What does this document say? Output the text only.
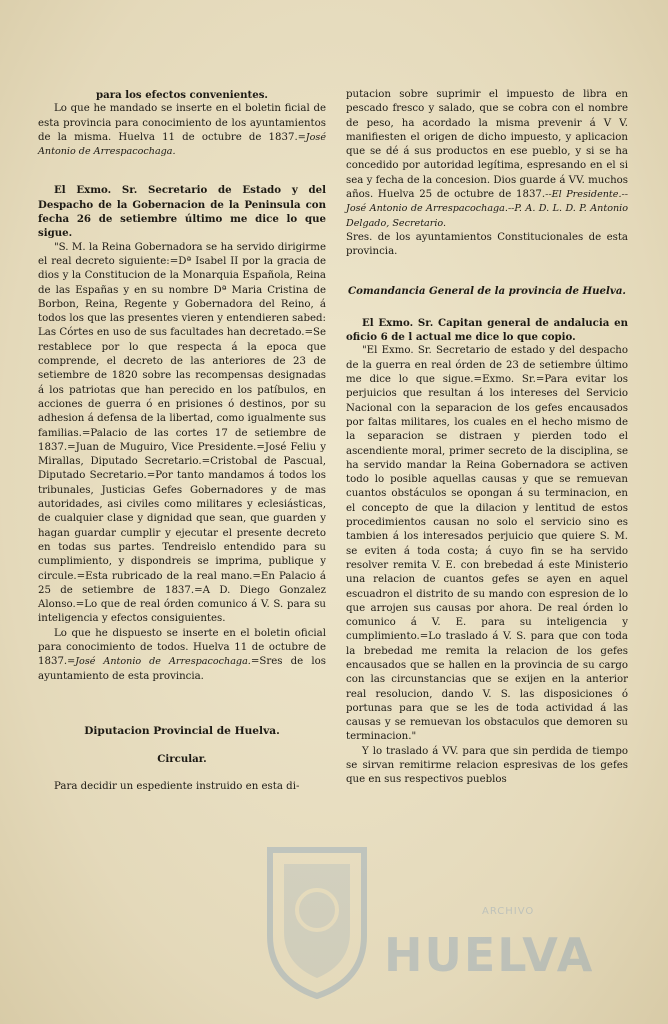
para los efectos convenientes.

Lo que he mandado se inserte en el boletin ficial de esta provincia para conocimiento de los ayuntamientos de la misma. Huelva 11 de octubre de 1837.=José Antonio de Arrespacochaga.

El Exmo. Sr. Secretario de Estado y del Despacho de la Gobernacion de la Peninsula con fecha 26 de setiembre último me dice lo que sigue.

"S. M. la Reina Gobernadora se ha servido dirigirme el real decreto siguiente:=Dª Isabel II por la gracia de dios y la Constitucion de la Monarquia Española, Reina de las Españas y en su nombre Dª Maria Cristina de Borbon, Reina, Regente y Gobernadora del Reino, á todos los que las presentes vieren y entendieren sabed: Las Córtes en uso de sus facultades han decretado.=Se restablece por lo que respecta á la epoca que comprende, el decreto de las anteriores de 23 de setiembre de 1820 sobre las recompensas designadas á los patriotas que han perecido en los patíbulos, en acciones de guerra ó en prisiones ó destinos, por su adhesion á defensa de la libertad, como igualmente sus familias.=Palacio de las cortes 17 de setiembre de 1837.=Juan de Muguiro, Vice Presidente.=José Feliu y Mirallas, Diputado Secretario.=Cristobal de Pascual, Diputado Secretario.=Por tanto mandamos á todos los tribunales, Justicias Gefes Gobernadores y de mas autoridades, asi civiles como militares y eclesiásticas, de cualquier clase y dignidad que sean, que guarden y hagan guardar cumplir y ejecutar el presente decreto en todas sus partes. Tendreislo entendido para su cumplimiento, y dispondreis se imprima, publique y circule.=Esta rubricado de la real mano.=En Palacio á 25 de setiembre de 1837.=A D. Diego Gonzalez Alonso.=Lo que de real órden comunico á V. S. para su inteligencia y efectos consiguientes.

Lo que he dispuesto se inserte en el boletin oficial para conocimiento de todos. Huelva 11 de octubre de 1837.=José Antonio de Arrespacochaga.=Sres de los ayuntamiento de esta provincia.

Diputacion Provincial de Huelva.

Circular.

Para decidir un espediente instruido en esta di-

putacion sobre suprimir el impuesto de libra en pescado fresco y salado, que se cobra con el nombre de peso, ha acordado la misma prevenir á V V. manifiesten el origen de dicho impuesto, y aplicacion que se dé á sus productos en ese pueblo, y si se ha concedido por autoridad legítima, espresando en el si sea y fecha de la concesion. Dios guarde á VV. muchos años. Huelva 25 de octubre de 1837.--El Presidente.--José Antonio de Arrespacochaga.--P. A. D. L. D. P. Antonio Delgado, Secretario.

Sres. de los ayuntamientos Constitucionales de esta provincia.

Comandancia General de la provincia de Huelva.

El Exmo. Sr. Capitan general de andalucia en oficio 6 de l actual me dice lo que copio.

"El Exmo. Sr. Secretario de estado y del despacho de la guerra en real órden de 23 de setiembre último me dice lo que sigue.=Exmo. Sr.=Para evitar los perjuicios que resultan á los intereses del Servicio Nacional con la separacion de los gefes encausados por faltas militares, los cuales en el hecho mismo de la separacion se distraen y pierden todo el ascendiente moral, primer secreto de la disciplina, se ha servido mandar la Reina Gobernadora se activen todo lo posible aquellas causas y que se remuevan cuantos obstáculos se opongan á su terminacion, en el concepto de que la dilacion y lentitud de estos procedimientos causan no solo el servicio sino es tambien á los interesados perjuicio que quiere S. M. se eviten á toda costa; á cuyo fin se ha servido resolver remita V. E. con brebedad á este Ministerio una relacion de cuantos gefes se ayen en aquel escuadron el distrito de su mando con espresion de lo que arrojen sus causas por ahora. De real órden lo comunico á V. E. para su inteligencia y cumplimiento.=Lo traslado á V. S. para que con toda la brebedad me remita la relacion de los gefes encausados que se hallen en la provincia de su cargo con las circunstancias que se exijen en la anterior real resolucion, dando V. S. las disposiciones ó portunas para que se les de toda actividad á las causas y se remuevan los obstaculos que demoren su terminacion."

Y lo traslado á VV. para que sin perdida de tiempo se sirvan remitirme relacion espresivas de los gefes que en sus respectivos pueblos

ARCHIVO
HUELVA
